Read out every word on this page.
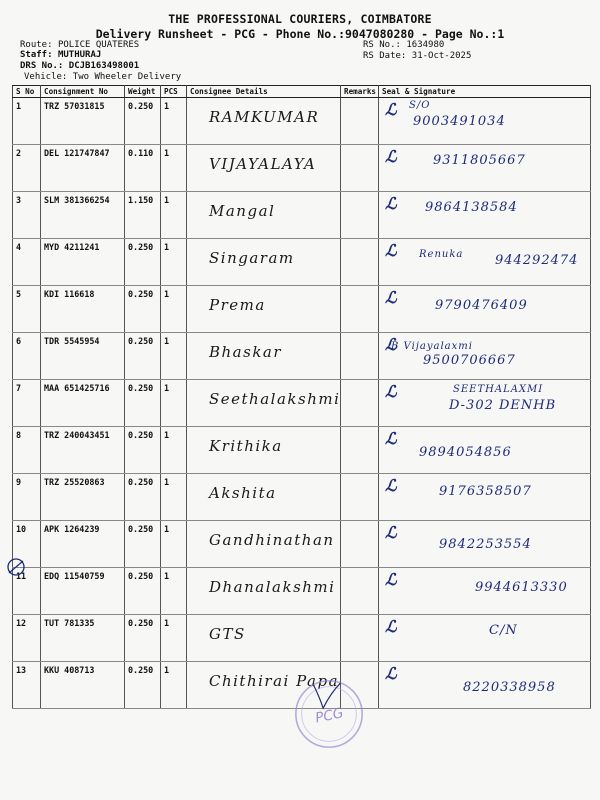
THE PROFESSIONAL COURIERS, COIMBATORE
Delivery Runsheet - PCG - Phone No.:9047080280 - Page No.:1
Route: POLICE QUATERES
Staff: MUTHURAJ
DRS No.: DCJB163498001
Vehicle: Two Wheeler Delivery
RS No.: 1634980
RS Date: 31-Oct-2025
S No	Consignment No	Weight	PCS	Consignee Details	Remarks	Seal & Signature
1	TRZ 57031815	0.250	1	RAMKUMAR		ℒ S/O
9003491034

2	DEL 121747847	0.110	1	VIJAYALAYA		ℒ 9311805667

3	SLM 381366254	1.150	1	Mangal		ℒ 9864138584

4	MYD 4211241	0.250	1	Singaram		ℒ Renuka 944292474

5	KDI 116618	0.250	1	Prema		ℒ 9790476409

6	TDR 5545954	0.250	1	Bhaskar		ℒ
B Vijayalaxmi
9500706667

7	MAA 651425716	0.250	1	Seethalakshmi		ℒ SEETHALAXMI
D-302 DENHB

8	TRZ 240043451	0.250	1	Krithika		ℒ
9894054856

9	TRZ 25520863	0.250	1	Akshita		ℒ 9176358507

10	APK 1264239	0.250	1	Gandhinathan		ℒ
9842253554

11	EDQ 11540759	0.250	1	Dhanalakshmi		ℒ 9944613330

12	TUT 781335	0.250	1	GTS		ℒ C/N

13	KKU 408713	0.250	1	Chithirai Papa		ℒ
8220338958
PCG
